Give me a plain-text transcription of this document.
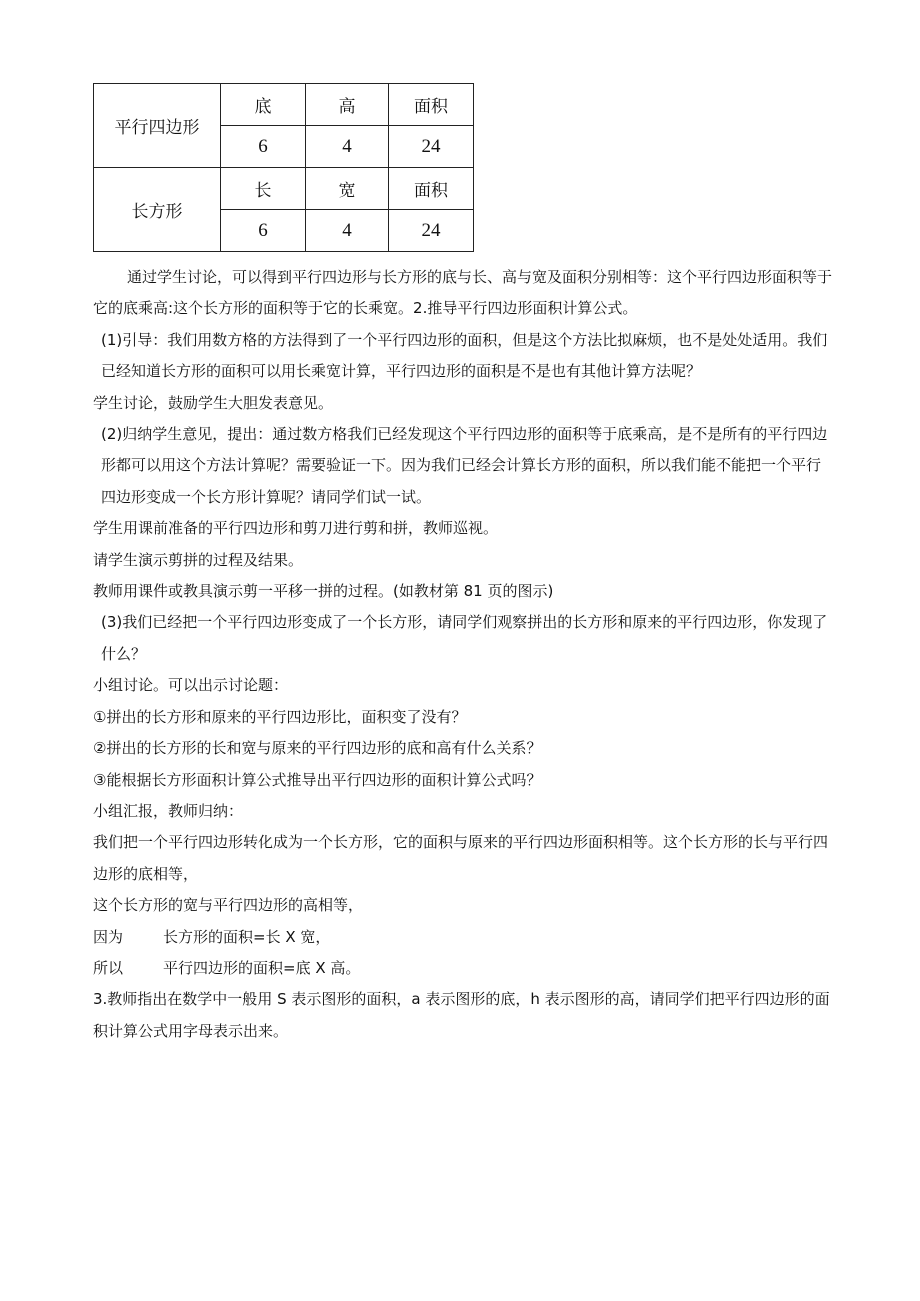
平行四边形	底	高	面积
	6	4	24
长方形	长	宽	面积
	6	4	24

通过学生讨论，可以得到平行四边形与长方形的底与长、高与宽及面积分别相等：这个平行四边形面积等于它的底乘高:这个长方形的面积等于它的长乘宽。2.推导平行四边形面积计算公式。

(1)引导：我们用数方格的方法得到了一个平行四边形的面积，但是这个方法比拟麻烦，也不是处处适用。我们已经知道长方形的面积可以用长乘宽计算，平行四边形的面积是不是也有其他计算方法呢？

学生讨论，鼓励学生大胆发表意见。

(2)归纳学生意见，提出：通过数方格我们已经发现这个平行四边形的面积等于底乘高，是不是所有的平行四边形都可以用这个方法计算呢？需要验证一下。因为我们已经会计算长方形的面积，所以我们能不能把一个平行四边形变成一个长方形计算呢？请同学们试一试。

学生用课前准备的平行四边形和剪刀进行剪和拼，教师巡视。

请学生演示剪拼的过程及结果。

教师用课件或教具演示剪一平移一拼的过程。(如教材第 81 页的图示)

(3)我们已经把一个平行四边形变成了一个长方形，请同学们观察拼出的长方形和原来的平行四边形，你发现了什么？

小组讨论。可以出示讨论题：

①拼出的长方形和原来的平行四边形比，面积变了没有？

②拼出的长方形的长和宽与原来的平行四边形的底和高有什么关系？

③能根据长方形面积计算公式推导出平行四边形的面积计算公式吗？

小组汇报，教师归纳：

我们把一个平行四边形转化成为一个长方形，它的面积与原来的平行四边形面积相等。这个长方形的长与平行四边形的底相等，

这个长方形的宽与平行四边形的高相等，

因为	长方形的面积=长 X 宽，

所以	平行四边形的面积=底 X 高。

3.教师指出在数学中一般用 S 表示图形的面积，a 表示图形的底，h 表示图形的高，请同学们把平行四边形的面积计算公式用字母表示出来。
